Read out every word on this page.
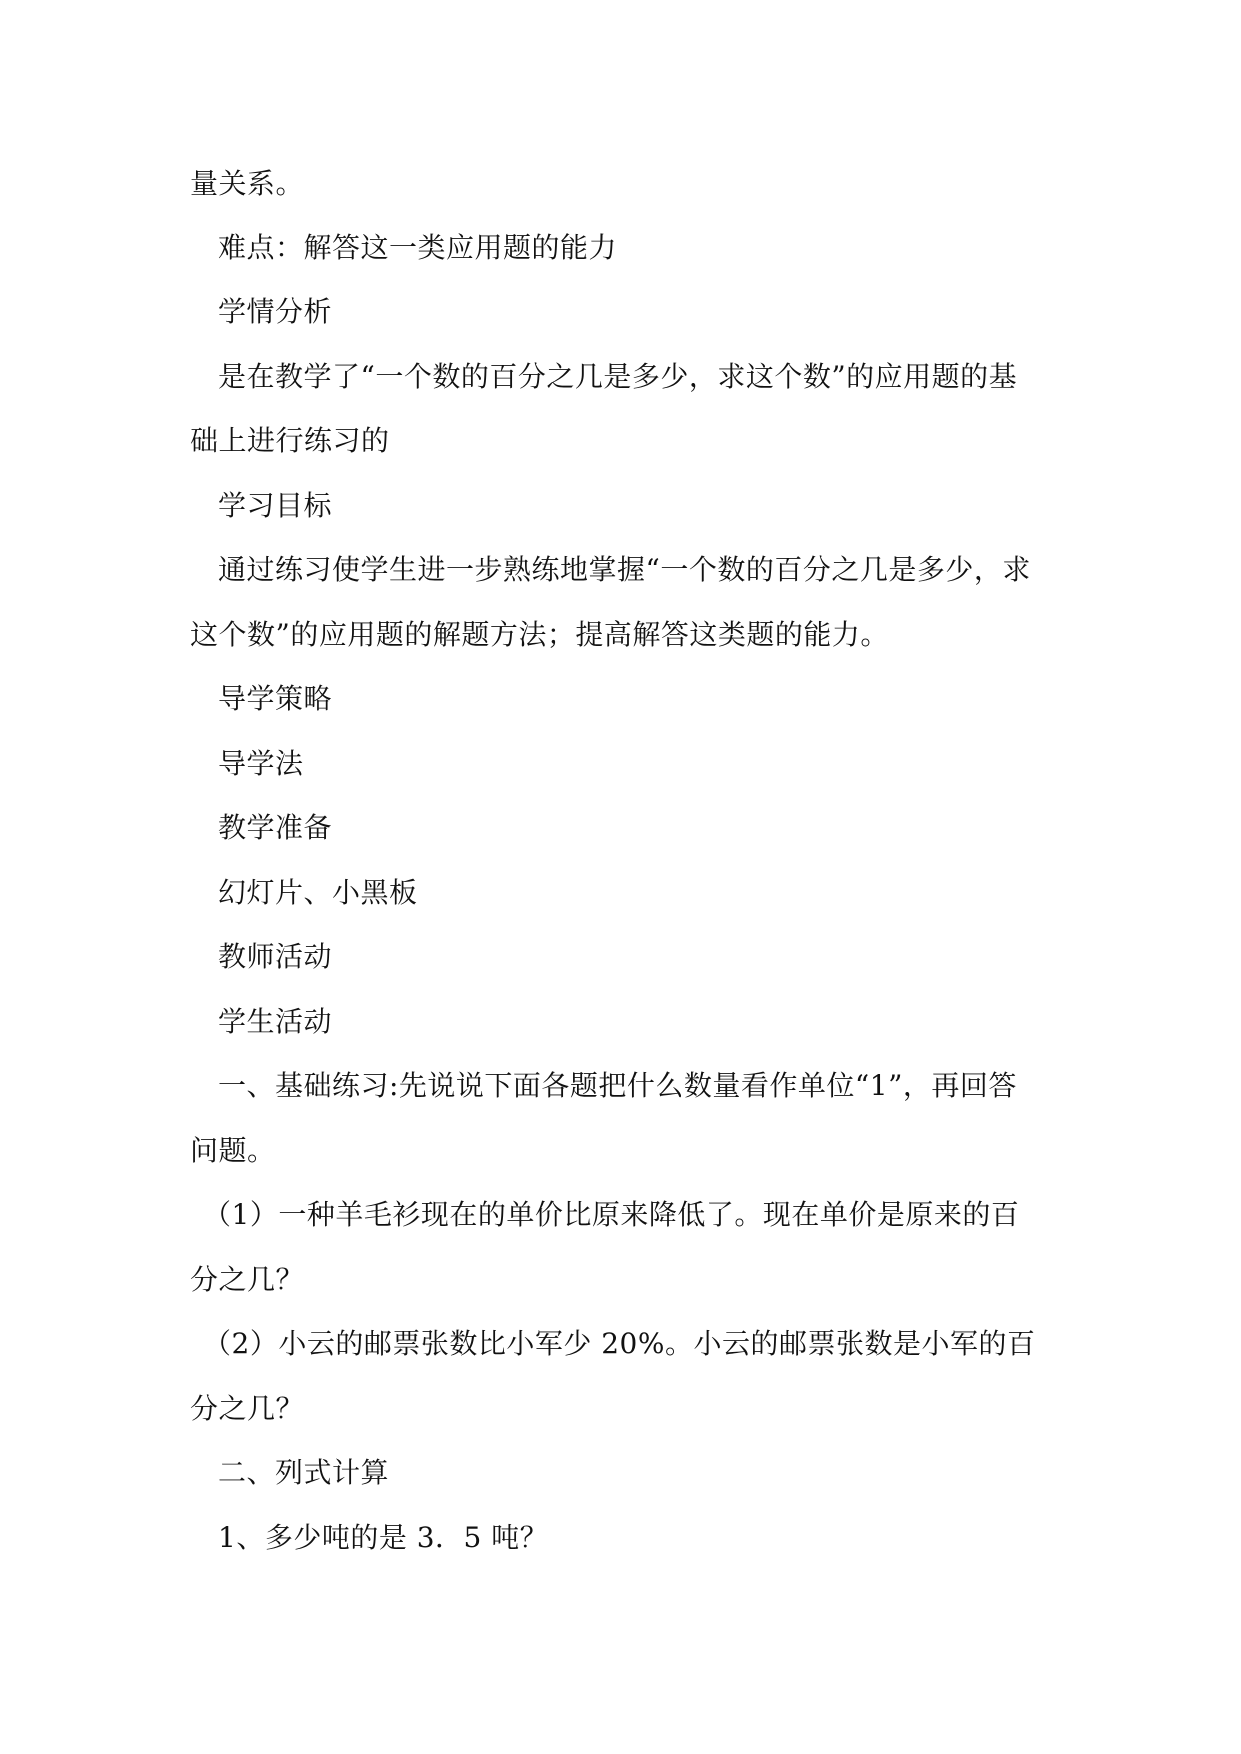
量关系。
难点：解答这一类应用题的能力
学情分析
是在教学了“一个数的百分之几是多少，求这个数”的应用题的基
础上进行练习的
学习目标
通过练习使学生进一步熟练地掌握“一个数的百分之几是多少，求
这个数”的应用题的解题方法；提高解答这类题的能力。
导学策略
导学法
教学准备
幻灯片、小黑板
教师活动
学生活动
一、基础练习:先说说下面各题把什么数量看作单位“1”，再回答
问题。
（1）一种羊毛衫现在的单价比原来降低了。现在单价是原来的百
分之几？
（2）小云的邮票张数比小军少 20%。小云的邮票张数是小军的百
分之几？
二、列式计算
1、多少吨的是 3．5 吨？
